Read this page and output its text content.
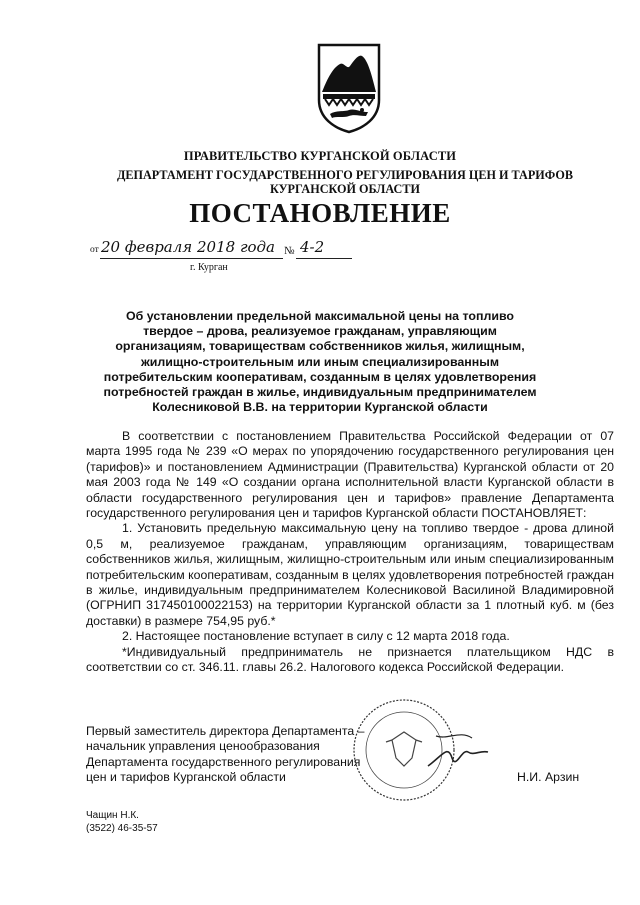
ПРАВИТЕЛЬСТВО КУРГАНСКОЙ ОБЛАСТИ
ДЕПАРТАМЕНТ ГОСУДАРСТВЕННОГО РЕГУЛИРОВАНИЯ ЦЕН И ТАРИФОВ КУРГАНСКОЙ ОБЛАСТИ
ПОСТАНОВЛЕНИЕ
от 20 февраля 2018 года № 4-2
г. Курган
Об установлении предельной максимальной цены на топливо твердое – дрова, реализуемое гражданам, управляющим организациям, товариществам собственников жилья, жилищным, жилищно-строительным или иным специализированным потребительским кооперативам, созданным в целях удовлетворения потребностей граждан в жилье, индивидуальным предпринимателем Колесниковой В.В. на территории Курганской области

В соответствии с постановлением Правительства Российской Федерации от 07 марта 1995 года № 239 «О мерах по упорядочению государственного регулирования цен (тарифов)» и постановлением Администрации (Правительства) Курганской области от 20 мая 2003 года № 149 «О создании органа исполнительной власти Курганской области в области государственного регулирования цен и тарифов» правление Департамента государственного регулирования цен и тарифов Курганской области ПОСТАНОВЛЯЕТ:

1. Установить предельную максимальную цену на топливо твердое - дрова длиной 0,5 м, реализуемое гражданам, управляющим организациям, товариществам собственников жилья, жилищным, жилищно-строительным или иным специализированным потребительским кооперативам, созданным в целях удовлетворения потребностей граждан в жилье, индивидуальным предпринимателем Колесниковой Василиной Владимировной (ОГРНИП 317450100022153) на территории Курганской области за 1 плотный куб. м (без доставки) в размере 754,95 руб.*

2. Настоящее постановление вступает в силу с 12 марта 2018 года.

*Индивидуальный предприниматель не признается плательщиком НДС в соответствии со ст. 346.11. главы 26.2. Налогового кодекса Российской Федерации.

Первый заместитель директора Департамента –
начальник управления ценообразования
Департамента государственного регулирования
цен и тарифов Курганской области	Н.И. Арзин
Чащин Н.К.
(3522) 46-35-57
